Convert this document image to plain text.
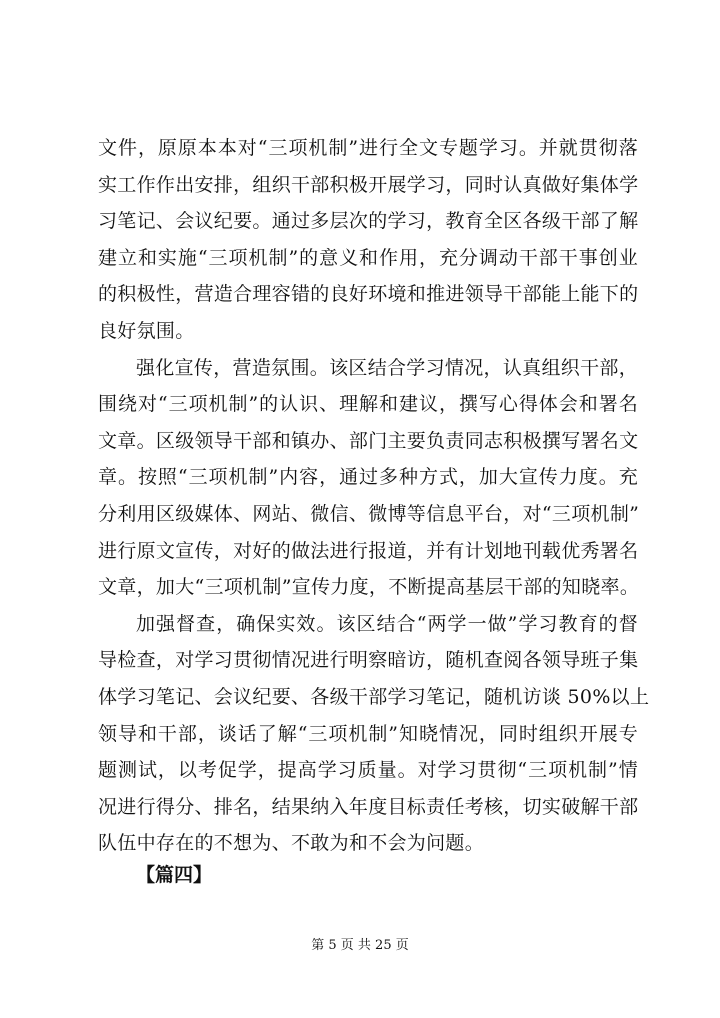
文件，原原本本对“三项机制”进行全文专题学习。并就贯彻落
实工作作出安排，组织干部积极开展学习，同时认真做好集体学
习笔记、会议纪要。通过多层次的学习，教育全区各级干部了解
建立和实施“三项机制”的意义和作用，充分调动干部干事创业
的积极性，营造合理容错的良好环境和推进领导干部能上能下的
良好氛围。
强化宣传，营造氛围。该区结合学习情况，认真组织干部，
围绕对“三项机制”的认识、理解和建议，撰写心得体会和署名
文章。区级领导干部和镇办、部门主要负责同志积极撰写署名文
章。按照“三项机制”内容，通过多种方式，加大宣传力度。充
分利用区级媒体、网站、微信、微博等信息平台，对“三项机制”
进行原文宣传，对好的做法进行报道，并有计划地刊载优秀署名
文章，加大“三项机制”宣传力度，不断提高基层干部的知晓率。
加强督查，确保实效。该区结合“两学一做”学习教育的督
导检查，对学习贯彻情况进行明察暗访，随机查阅各领导班子集
体学习笔记、会议纪要、各级干部学习笔记，随机访谈 50%以上
领导和干部，谈话了解“三项机制”知晓情况，同时组织开展专
题测试，以考促学，提高学习质量。对学习贯彻“三项机制”情
况进行得分、排名，结果纳入年度目标责任考核，切实破解干部
队伍中存在的不想为、不敢为和不会为问题。
【篇四】
第 5 页 共 25 页
